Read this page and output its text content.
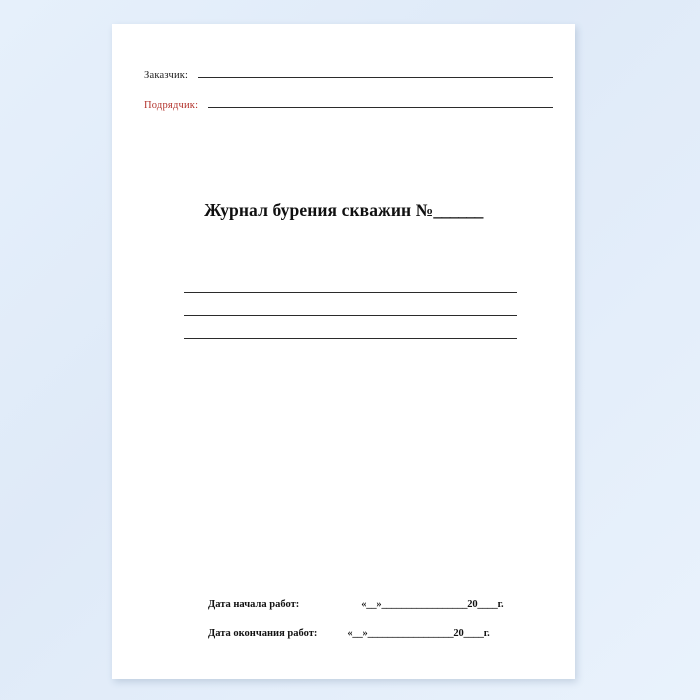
Заказчик:
Подрядчик:
Журнал бурения скважин №______
Дата начала работ:	«__»_________________20____г.
Дата окончания работ:	«__»_________________20____г.
